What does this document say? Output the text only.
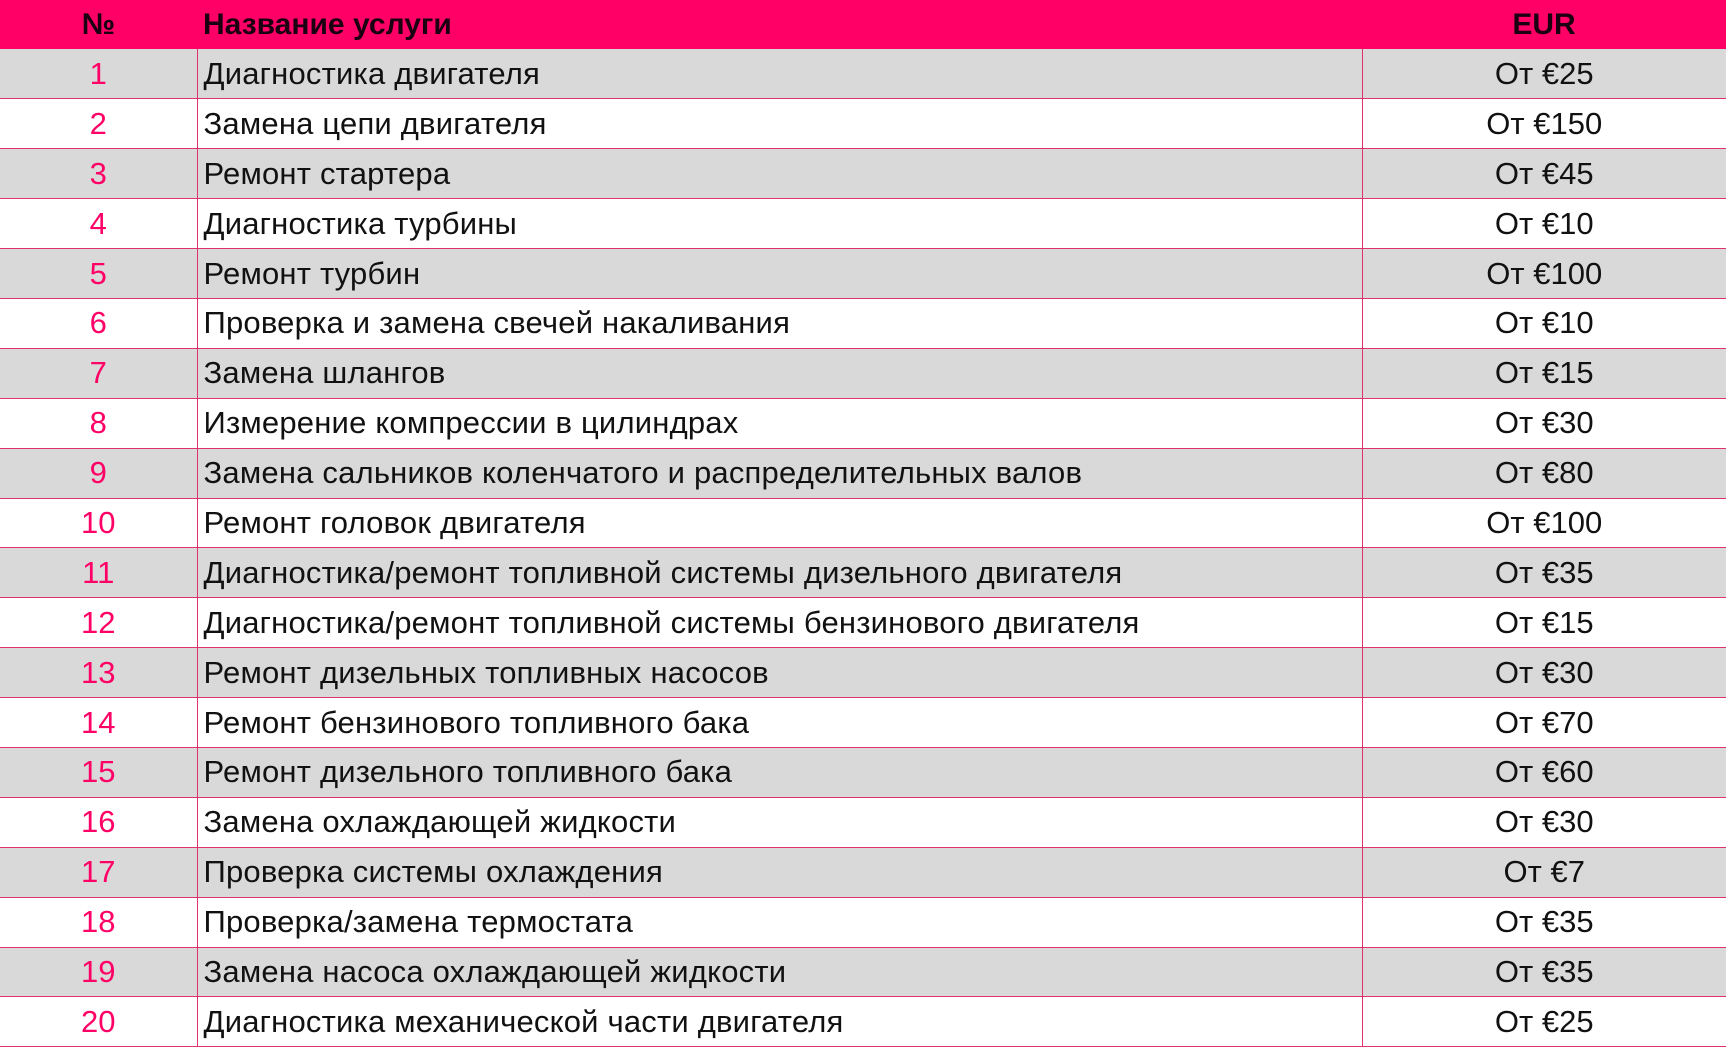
№	Название услуги	EUR
1	Диагностика двигателя	От €25
2	Замена цепи двигателя	От €150
3	Ремонт стартера	От €45
4	Диагностика турбины	От €10
5	Ремонт турбин	От €100
6	Проверка и замена свечей накаливания	От €10
7	Замена шлангов	От €15
8	Измерение компрессии в цилиндрах	От €30
9	Замена сальников коленчатого и распределительных валов	От €80
10	Ремонт головок двигателя	От €100
11	Диагностика/ремонт топливной системы дизельного двигателя	От €35
12	Диагностика/ремонт топливной системы бензинового двигателя	От €15
13	Ремонт дизельных топливных насосов	От €30
14	Ремонт бензинового топливного бака	От €70
15	Ремонт дизельного топливного бака	От €60
16	Замена охлаждающей жидкости	От €30
17	Проверка системы охлаждения	От €7
18	Проверка/замена термостата	От €35
19	Замена насоса охлаждающей жидкости	От €35
20	Диагностика механической части двигателя	От €25
